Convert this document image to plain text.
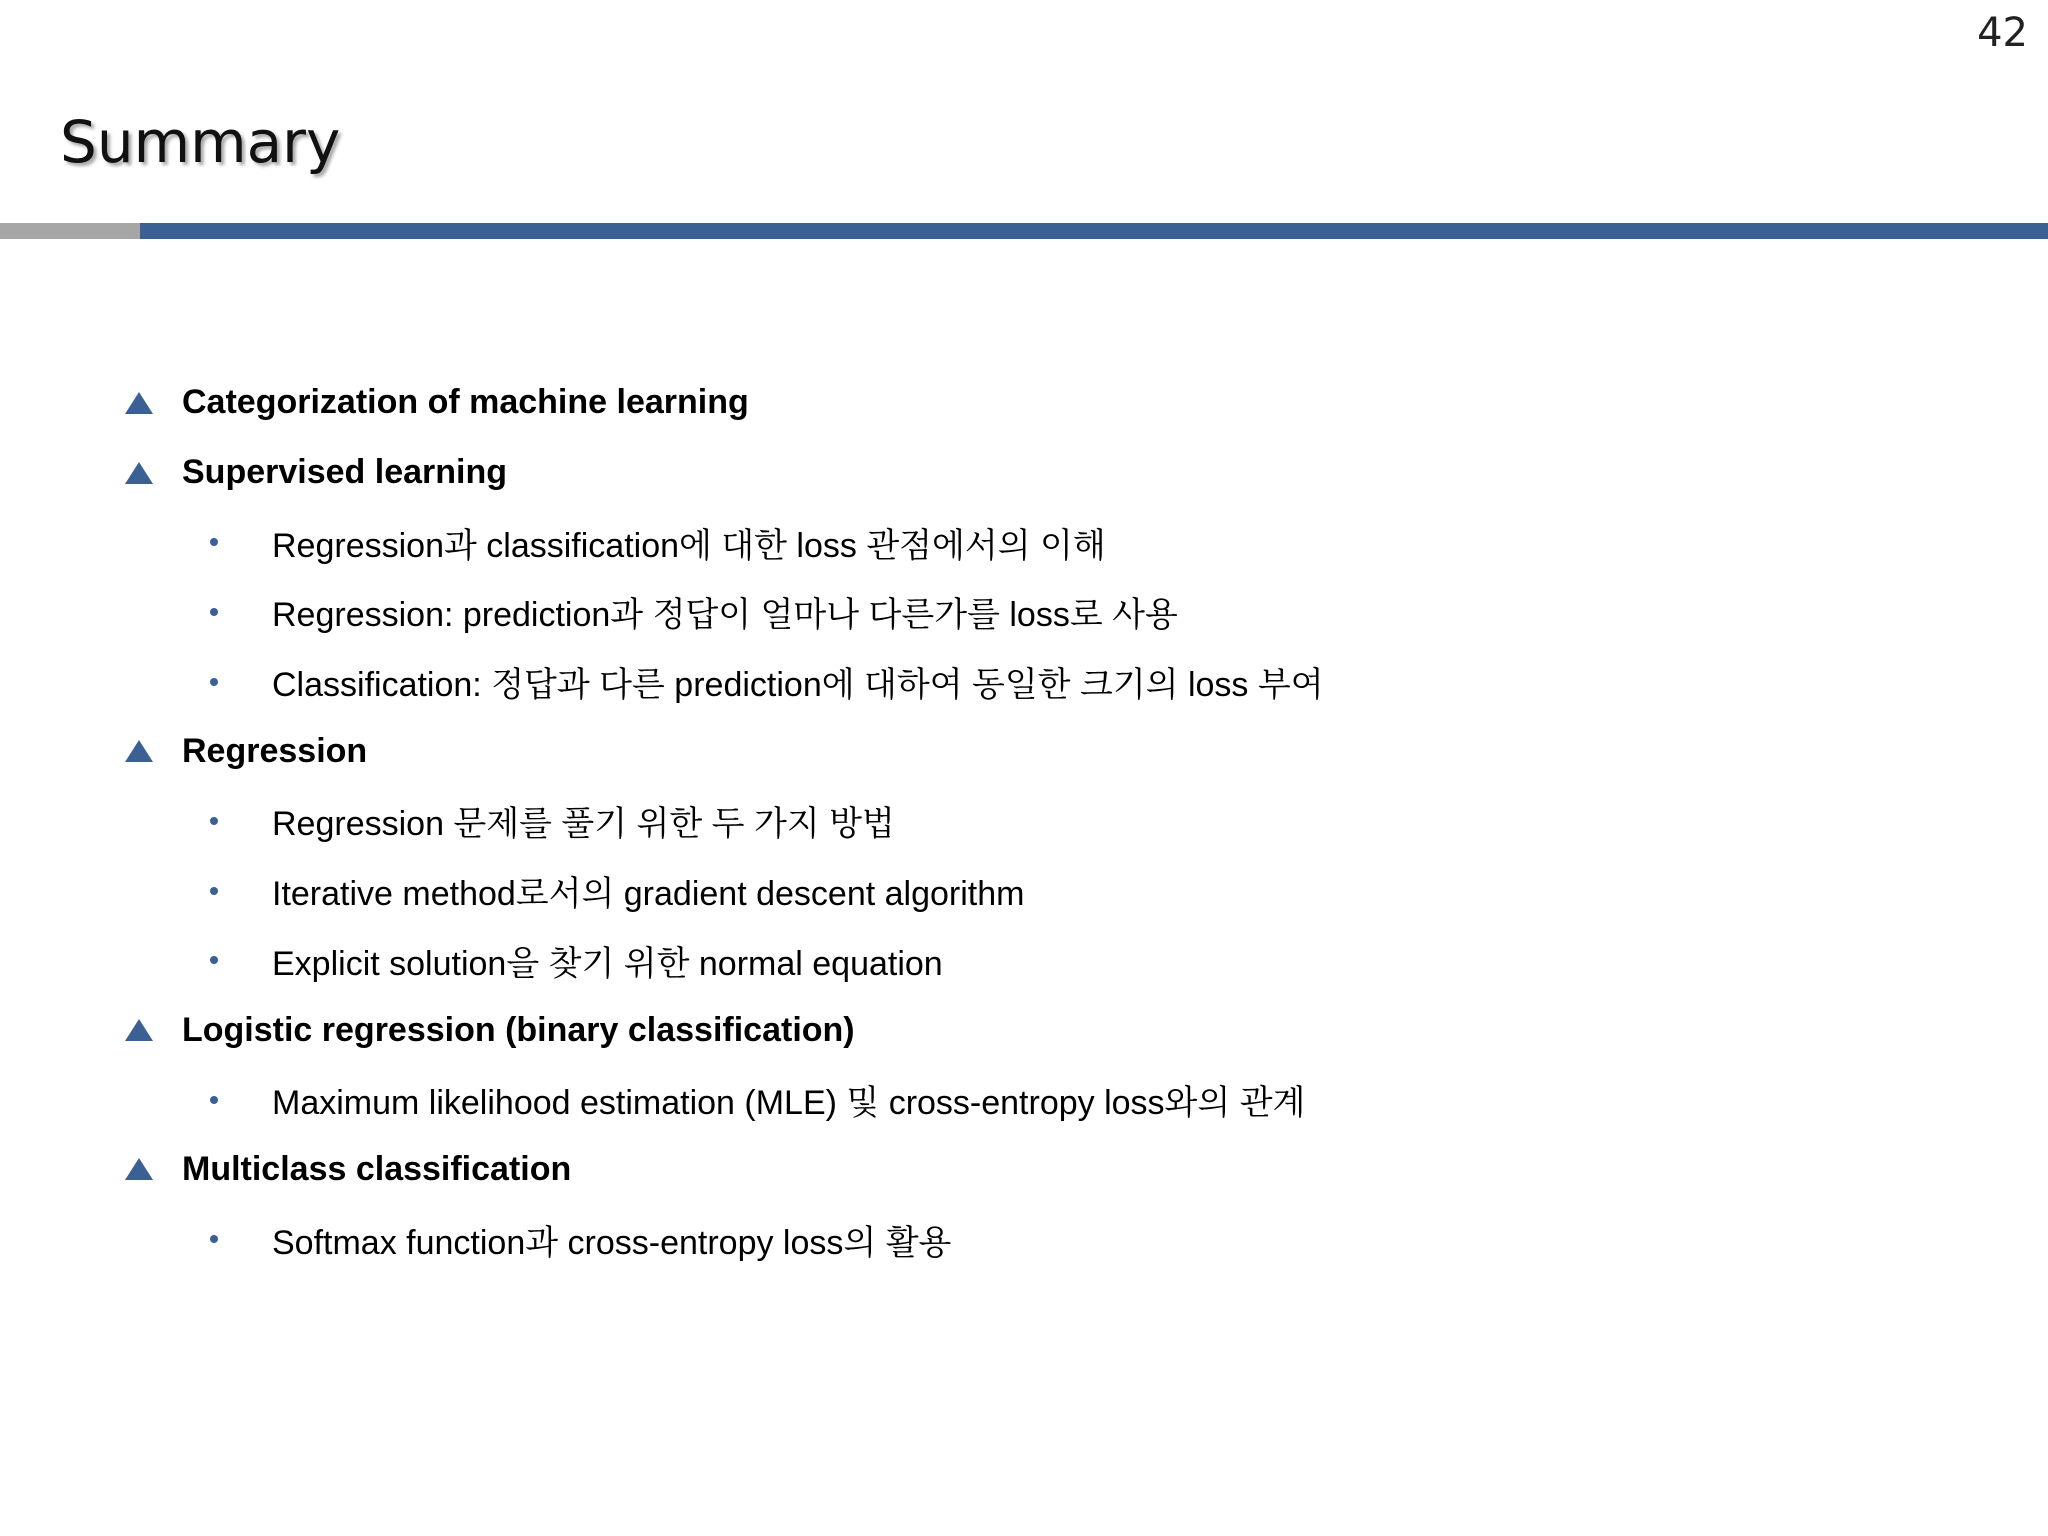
42
Summary
Categorization of machine learning
Supervised learning
Regression과 classification에 대한 loss 관점에서의 이해
Regression: prediction과 정답이 얼마나 다른가를 loss로 사용
Classification: 정답과 다른 prediction에 대하여 동일한 크기의 loss 부여
Regression
Regression 문제를 풀기 위한 두 가지 방법
Iterative method로서의 gradient descent algorithm
Explicit solution을 찾기 위한 normal equation
Logistic regression (binary classification)
Maximum likelihood estimation (MLE) 및 cross-entropy loss와의 관계
Multiclass classification
Softmax function과 cross-entropy loss의 활용
